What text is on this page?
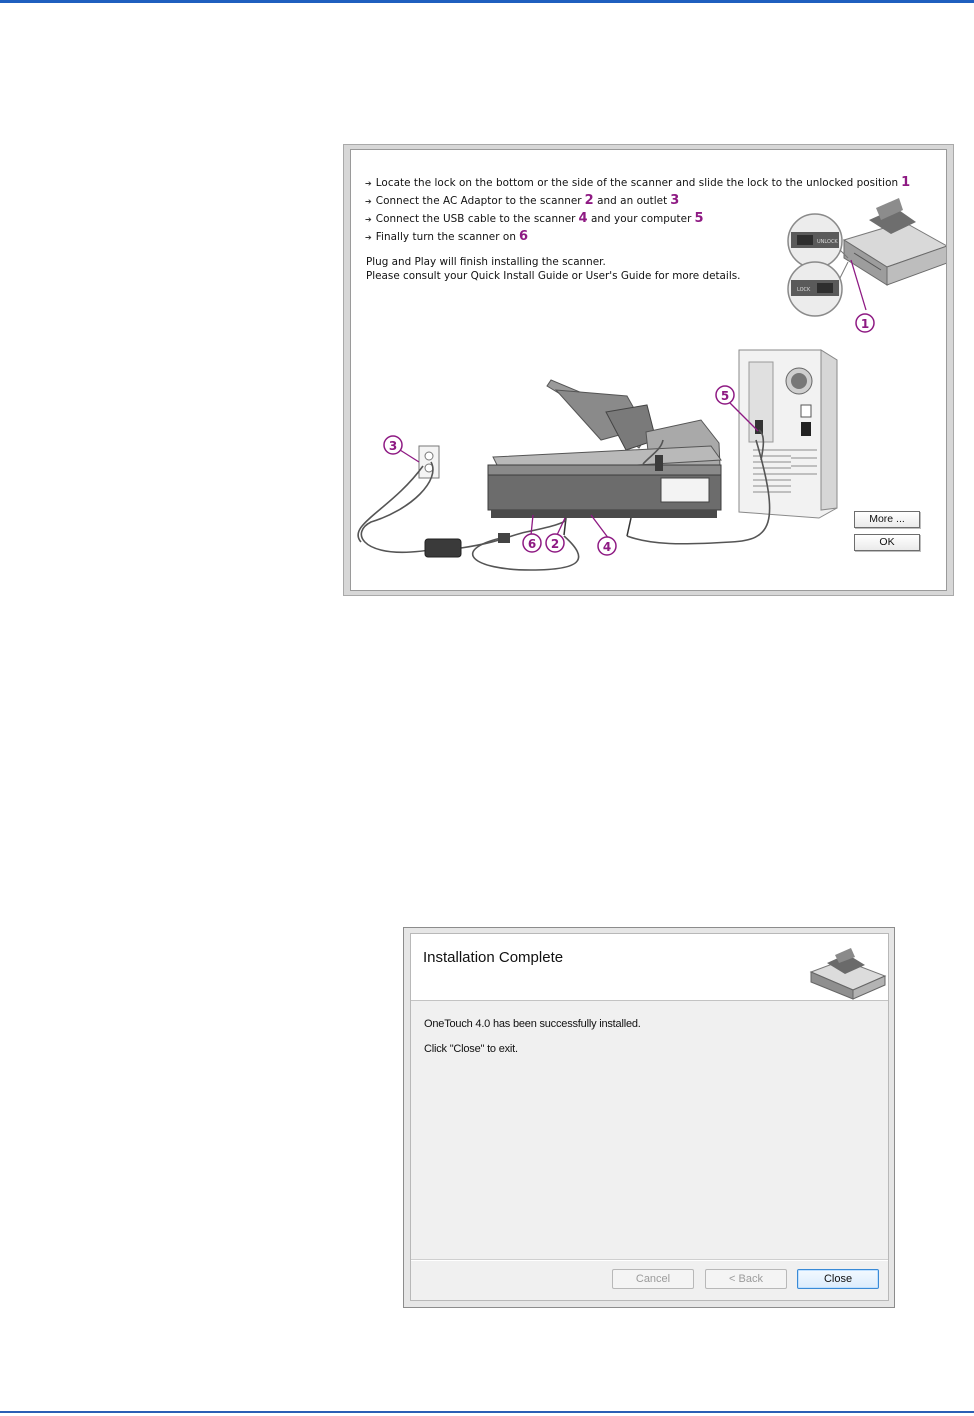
➔ Locate the lock on the bottom or the side of the scanner and slide the lock to the unlocked position 1
➔ Connect the AC Adaptor to the scanner 2 and an outlet 3
➔ Connect the USB cable to the scanner 4 and your computer 5
➔ Finally turn the scanner on 6
Plug and Play will finish installing the scanner.
Please consult your Quick Install Guide or User's Guide for more details.
UNLOCK
LOCK
1
3
5
6 2	4
More ...
OK
Installation Complete
OneTouch 4.0 has been successfully installed.
Click "Close" to exit.
Cancel	< Back	Close
